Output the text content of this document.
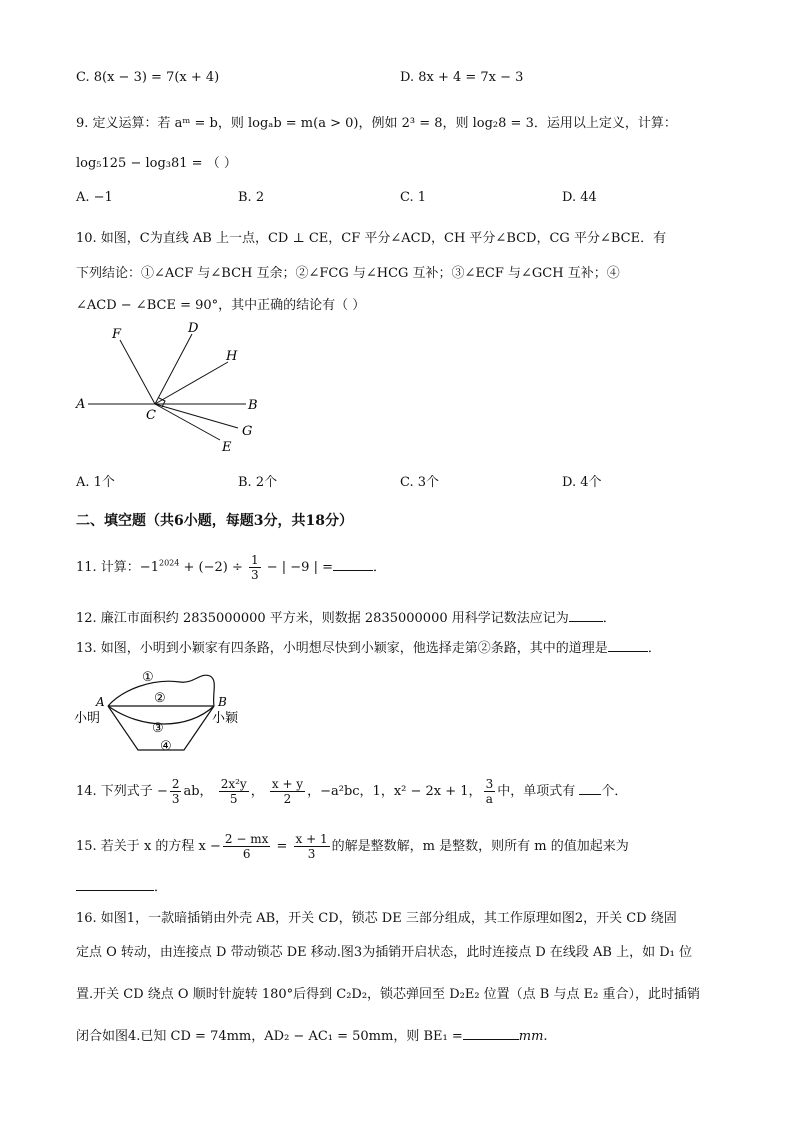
C. 8(x − 3) = 7(x + 4)	D. 8x + 4 = 7x − 3
9. 定义运算：若 aᵐ = b，则 logₐb = m(a > 0)，例如 2³ = 8，则 log₂8 = 3．运用以上定义，计算：
log₅125 − log₃81 = （ ）
A. −1	B. 2	C. 1	D. 44
10. 如图，C为直线 AB 上一点，CD ⊥ CE，CF 平分∠ACD，CH 平分∠BCD，CG 平分∠BCE．有
下列结论：①∠ACF 与∠BCH 互余；②∠FCG 与∠HCG 互补；③∠ECF 与∠GCH 互补；④
∠ACD − ∠BCE = 90°，其中正确的结论有（ ）
F	D
H
A
C
B
G
E
A. 1个	B. 2个	C. 3个	D. 4个
二、填空题（共6小题，每题3分，共18分）
11. 计算：$-1^{2024} + (-2) \div \frac{1}{3}$ − | −9 | =	．
12. 廉江市面积约 2835000000 平方米，则数据 2835000000 用科学记数法应记为	．
13. 如图，小明到小颖家有四条路，小明想尽快到小颖家，他选择走第②条路，其中的道理是	．
A	B
小明	小颖
①
②
③
④
14. 下列式子 − $\frac{2}{3}$ ab， $\frac{\text{2x²y}}{5}$ ， $\frac{x + y}{2}$ ，−a²bc，1，x² − 2x + 1， $\frac{3}{a}$ 中，单项式有 个．
15. 若关于 x 的方程 $x - \frac{2 - mx}{6} = \frac{x + 1}{3}$ 的解是整数解，m 是整数，则所有 m 的值加起来为
．
16. 如图1，一款暗插销由外壳 AB，开关 CD，锁芯 DE 三部分组成，其工作原理如图2，开关 CD 绕固
定点 O 转动，由连接点 D 带动锁芯 DE 移动.图3为插销开启状态，此时连接点 D 在线段 AB 上，如 D₁ 位
置.开关 CD 绕点 O 顺时针旋转 180°后得到 C₂D₂，锁芯弹回至 D₂E₂ 位置（点 B 与点 E₂ 重合），此时插销
闭合如图4.已知 CD = 74mm，AD₂ − AC₁ = 50mm，则 BE₁ =	mm.
